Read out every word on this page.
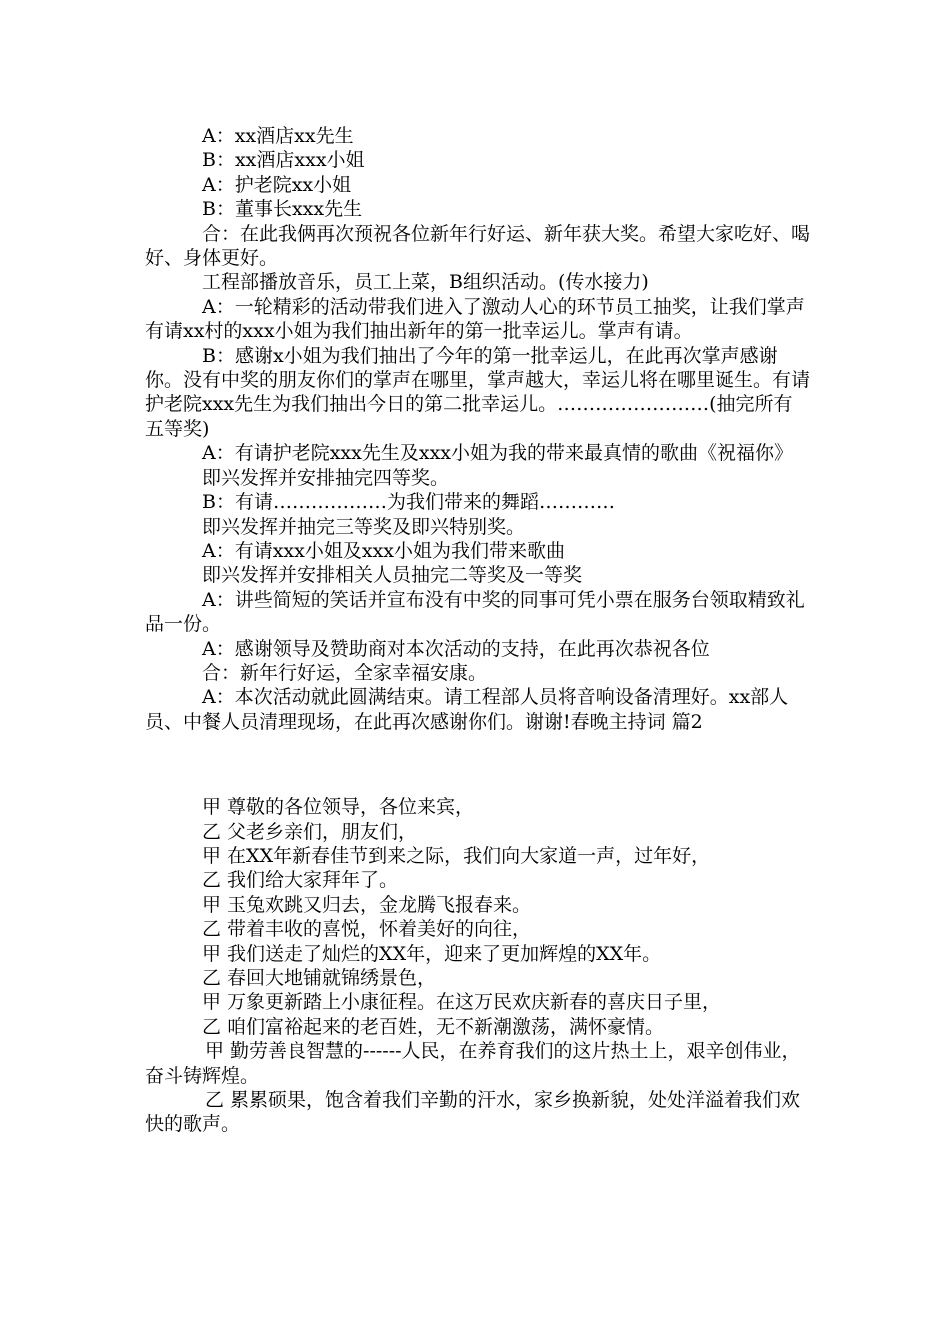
A：xx酒店xx先生

B：xx酒店xxx小姐

A：护老院xx小姐

B：董事长xxx先生

合：在此我俩再次预祝各位新年行好运、新年获大奖。希望大家吃好、喝好、身体更好。

工程部播放音乐，员工上菜，B组织活动。(传水接力)

A：一轮精彩的活动带我们进入了激动人心的环节员工抽奖，让我们掌声有请xx村的xxx小姐为我们抽出新年的第一批幸运儿。掌声有请。

B：感谢x小姐为我们抽出了今年的第一批幸运儿，在此再次掌声感谢你。没有中奖的朋友你们的掌声在哪里，掌声越大，幸运儿将在哪里诞生。有请护老院xxx先生为我们抽出今日的第二批幸运儿。……………………(抽完所有五等奖)

A：有请护老院xxx先生及xxx小姐为我的带来最真情的歌曲《祝福你》

即兴发挥并安排抽完四等奖。

B：有请………………为我们带来的舞蹈…………

即兴发挥并抽完三等奖及即兴特别奖。

A：有请xxx小姐及xxx小姐为我们带来歌曲

即兴发挥并安排相关人员抽完二等奖及一等奖

A：讲些简短的笑话并宣布没有中奖的同事可凭小票在服务台领取精致礼品一份。

A：感谢领导及赞助商对本次活动的支持，在此再次恭祝各位

合：新年行好运，全家幸福安康。

A：本次活动就此圆满结束。请工程部人员将音响设备清理好。xx部人员、中餐人员清理现场，在此再次感谢你们。谢谢!春晚主持词 篇2

甲 尊敬的各位领导，各位来宾，

乙 父老乡亲们，朋友们，

甲 在XX年新春佳节到来之际，我们向大家道一声，过年好，

乙 我们给大家拜年了。

甲 玉兔欢跳又归去，金龙腾飞报春来。

乙 带着丰收的喜悦，怀着美好的向往，

甲 我们送走了灿烂的XX年，迎来了更加辉煌的XX年。

乙 春回大地铺就锦绣景色，

甲 万象更新踏上小康征程。在这万民欢庆新春的喜庆日子里，

乙 咱们富裕起来的老百姓，无不新潮激荡，满怀豪情。

甲 勤劳善良智慧的------人民，在养育我们的这片热土上，艰辛创伟业，奋斗铸辉煌。

乙 累累硕果，饱含着我们辛勤的汗水，家乡换新貌，处处洋溢着我们欢快的歌声。
